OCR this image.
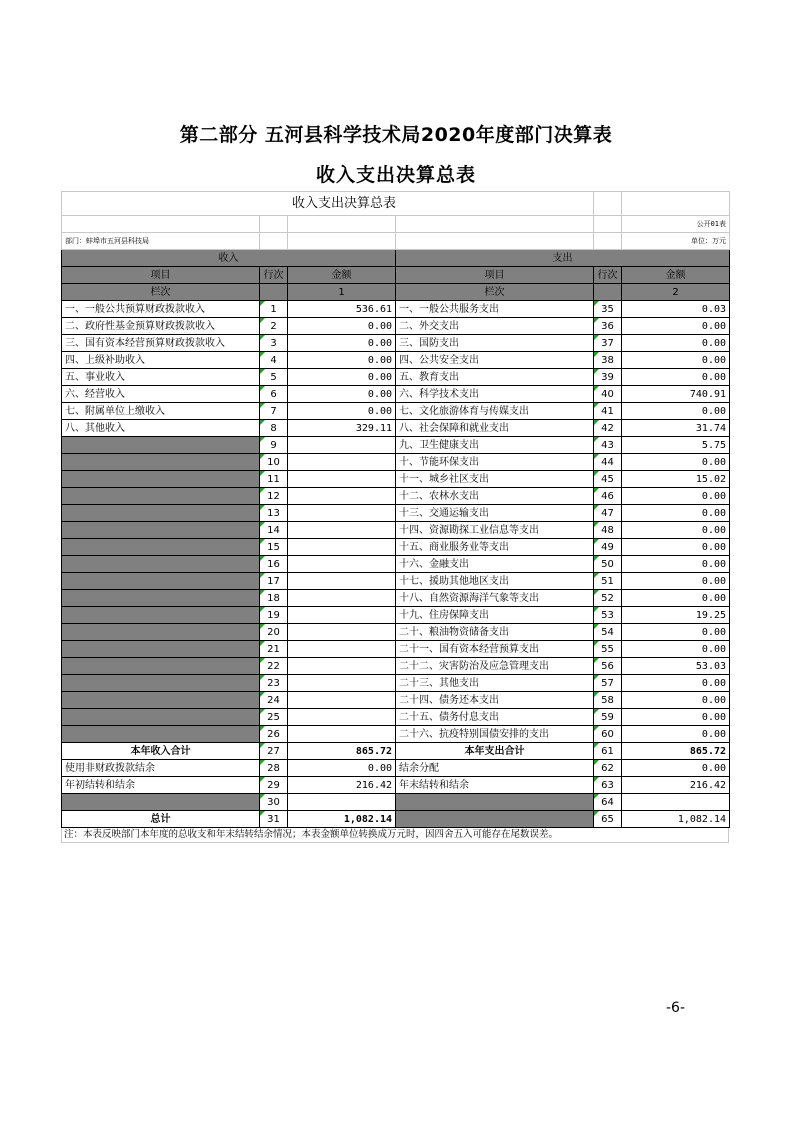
第二部分 五河县科学技术局2020年度部门决算表
收入支出决算总表
收入支出决算总表					
					公开01表
部门：蚌埠市五河县科技局					单位：万元
收入			支出		
项目	行次	金额	项目	行次	金额
栏次		1	栏次		2
一、一般公共预算财政拨款收入	1	536.61	一、一般公共服务支出	35	0.03
二、政府性基金预算财政拨款收入	2	0.00	二、外交支出	36	0.00
三、国有资本经营预算财政拨款收入	3	0.00	三、国防支出	37	0.00
四、上级补助收入	4	0.00	四、公共安全支出	38	0.00
五、事业收入	5	0.00	五、教育支出	39	0.00
六、经营收入	6	0.00	六、科学技术支出	40	740.91
七、附属单位上缴收入	7	0.00	七、文化旅游体育与传媒支出	41	0.00
八、其他收入	8	329.11	八、社会保障和就业支出	42	31.74
	9		九、卫生健康支出	43	5.75
	10		十、节能环保支出	44	0.00
	11		十一、城乡社区支出	45	15.02
	12		十二、农林水支出	46	0.00
	13		十三、交通运输支出	47	0.00
	14		十四、资源勘探工业信息等支出	48	0.00
	15		十五、商业服务业等支出	49	0.00
	16		十六、金融支出	50	0.00
	17		十七、援助其他地区支出	51	0.00
	18		十八、自然资源海洋气象等支出	52	0.00
	19		十九、住房保障支出	53	19.25
	20		二十、粮油物资储备支出	54	0.00
	21		二十一、国有资本经营预算支出	55	0.00
	22		二十二、灾害防治及应急管理支出	56	53.03
	23		二十三、其他支出	57	0.00
	24		二十四、债务还本支出	58	0.00
	25		二十五、债务付息支出	59	0.00
	26		二十六、抗疫特别国债安排的支出	60	0.00
本年收入合计	27	865.72	本年支出合计	61	865.72
使用非财政拨款结余	28	0.00	结余分配	62	0.00
年初结转和结余	29	216.42	年末结转和结余	63	216.42
	30			64	
总计	31	1,082.14		65	1,082.14
注：本表反映部门本年度的总收支和年末结转结余情况；本表金额单位转换成万元时，因四舍五入可能存在尾数误差。
-6-
